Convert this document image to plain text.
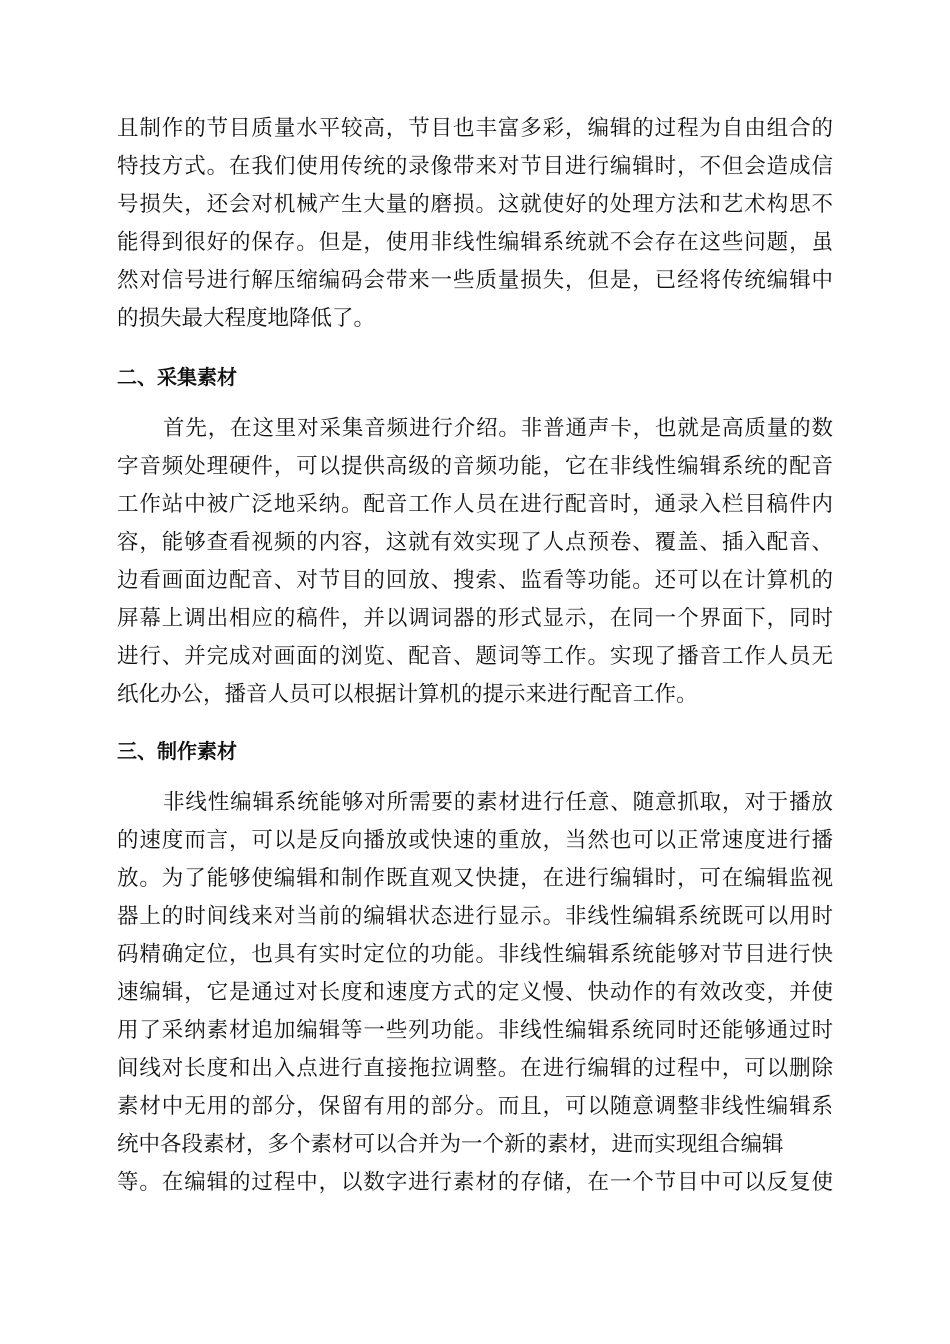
且制作的节目质量水平较高，节目也丰富多彩，编辑的过程为自由组合的
特技方式。在我们使用传统的录像带来对节目进行编辑时，不但会造成信
号损失，还会对机械产生大量的磨损。这就使好的处理方法和艺术构思不
能得到很好的保存。但是，使用非线性编辑系统就不会存在这些问题，虽
然对信号进行解压缩编码会带来一些质量损失，但是，已经将传统编辑中
的损失最大程度地降低了。
二、采集素材
首先，在这里对采集音频进行介绍。非普通声卡，也就是高质量的数
字音频处理硬件，可以提供高级的音频功能，它在非线性编辑系统的配音
工作站中被广泛地采纳。配音工作人员在进行配音时，通录入栏目稿件内
容，能够查看视频的内容，这就有效实现了人点预卷、覆盖、插入配音、
边看画面边配音、对节目的回放、搜索、监看等功能。还可以在计算机的
屏幕上调出相应的稿件，并以调词器的形式显示，在同一个界面下，同时
进行、并完成对画面的浏览、配音、题词等工作。实现了播音工作人员无
纸化办公，播音人员可以根据计算机的提示来进行配音工作。
三、制作素材
非线性编辑系统能够对所需要的素材进行任意、随意抓取，对于播放
的速度而言，可以是反向播放或快速的重放，当然也可以正常速度进行播
放。为了能够使编辑和制作既直观又快捷，在进行编辑时，可在编辑监视
器上的时间线来对当前的编辑状态进行显示。非线性编辑系统既可以用时
码精确定位，也具有实时定位的功能。非线性编辑系统能够对节目进行快
速编辑，它是通过对长度和速度方式的定义慢、快动作的有效改变，并使
用了采纳素材追加编辑等一些列功能。非线性编辑系统同时还能够通过时
间线对长度和出入点进行直接拖拉调整。在进行编辑的过程中，可以删除
素材中无用的部分，保留有用的部分。而且，可以随意调整非线性编辑系
统中各段素材，多个素材可以合并为一个新的素材，进而实现组合编辑
等。在编辑的过程中，以数字进行素材的存储，在一个节目中可以反复使
